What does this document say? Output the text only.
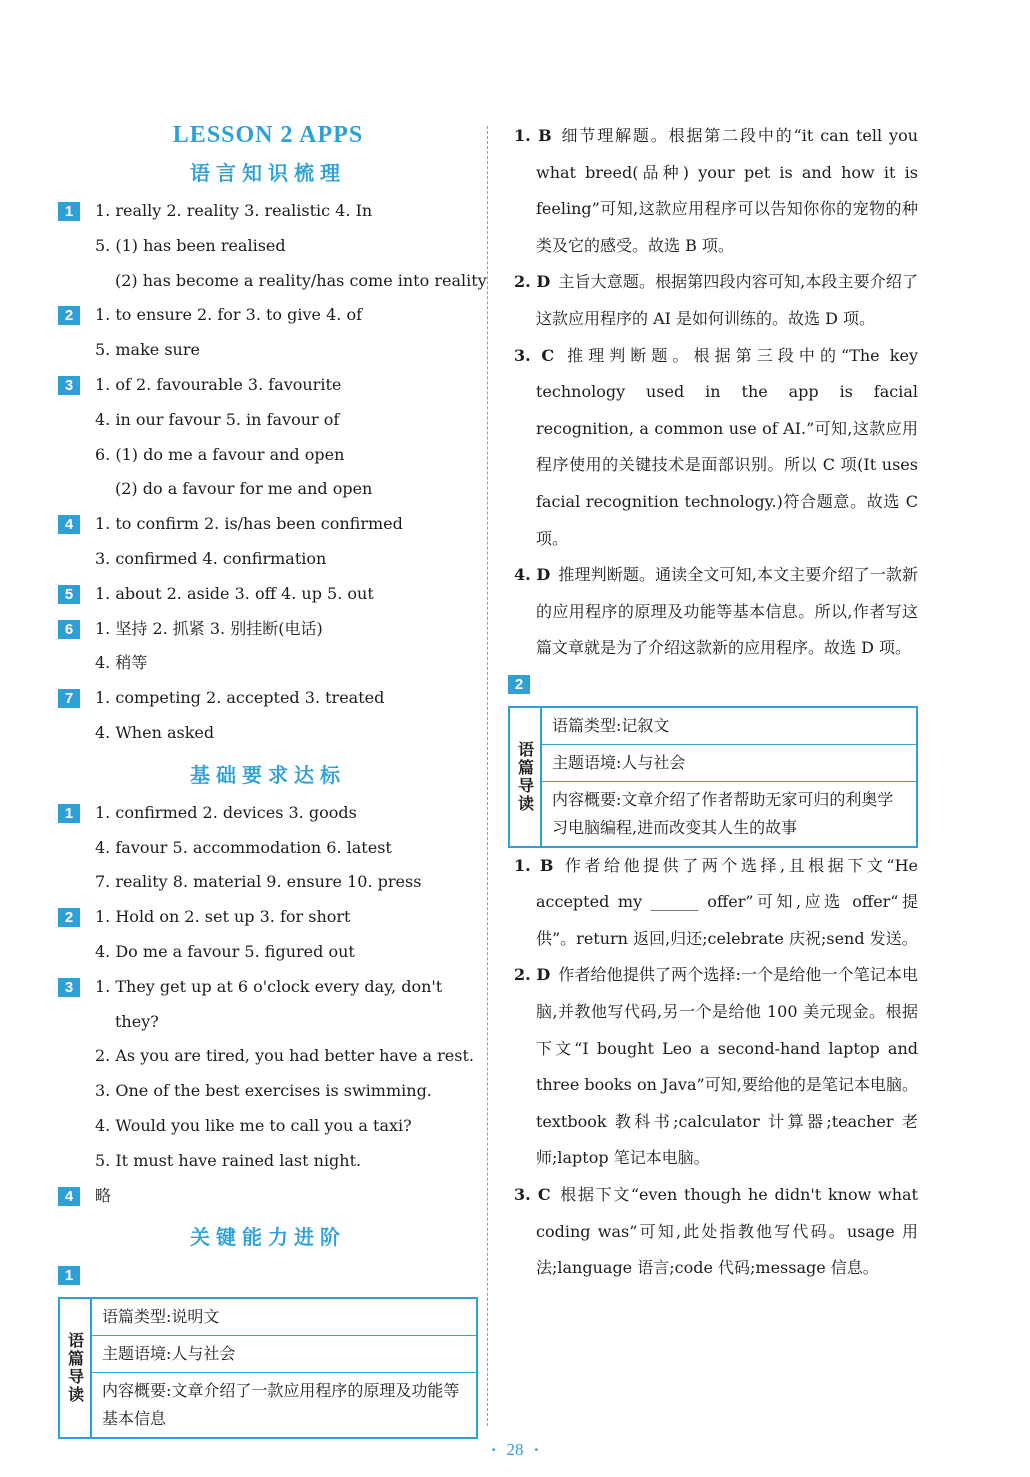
LESSON 2 APPS
语言知识梳理
1	1. really 2. reality 3. realistic 4. In
5. (1) has been realised
(2) has become a reality/has come into reality
2	1. to ensure 2. for 3. to give 4. of
5. make sure
3	1. of 2. favourable 3. favourite
4. in our favour 5. in favour of
6. (1) do me a favour and open
(2) do a favour for me and open
4	1. to confirm 2. is/has been confirmed
3. confirmed 4. confirmation
5	1. about 2. aside 3. off 4. up 5. out
6	1. 坚持 2. 抓紧 3. 别挂断(电话)
4. 稍等
7	1. competing 2. accepted 3. treated
4. When asked
基础要求达标
1	1. confirmed 2. devices 3. goods
4. favour 5. accommodation 6. latest
7. reality 8. material 9. ensure 10. press
2	1. Hold on 2. set up 3. for short
4. Do me a favour 5. figured out
3	1. They get up at 6 o'clock every day, don't
they?
2. As you are tired, you had better have a rest.
3. One of the best exercises is swimming.
4. Would you like me to call you a taxi?
5. It must have rained last night.
4	略
关键能力进阶
1
语篇导读
语篇类型:说明文
主题语境:人与社会
内容概要:文章介绍了一款应用程序的原理及功能等基本信息
1. B 细节理解题。根据第二段中的“it can tell you what breed(品种) your pet is and how it is feeling”可知,这款应用程序可以告知你你的宠物的种类及它的感受。故选 B 项。
2. D 主旨大意题。根据第四段内容可知,本段主要介绍了这款应用程序的 AI 是如何训练的。故选 D 项。
3. C 推理判断题。根据第三段中的“The key technology used in the app is facial recognition, a common use of AI.”可知,这款应用程序使用的关键技术是面部识别。所以 C 项(It uses facial recognition technology.)符合题意。故选 C 项。
4. D 推理判断题。通读全文可知,本文主要介绍了一款新的应用程序的原理及功能等基本信息。所以,作者写这篇文章就是为了介绍这款新的应用程序。故选 D 项。
2
语篇导读
语篇类型:记叙文
主题语境:人与社会
内容概要:文章介绍了作者帮助无家可归的利奥学习电脑编程,进而改变其人生的故事
1. B 作者给他提供了两个选择,且根据下文“He accepted my ______ offer”可知,应选 offer“提供”。return 返回,归还;celebrate 庆祝;send 发送。
2. D 作者给他提供了两个选择:一个是给他一个笔记本电脑,并教他写代码,另一个是给他 100 美元现金。根据下文“I bought Leo a second-hand laptop and three books on Java”可知,要给他的是笔记本电脑。textbook 教科书;calculator 计算器;teacher 老师;laptop 笔记本电脑。
3. C 根据下文“even though he didn't know what coding was”可知,此处指教他写代码。usage 用法;language 语言;code 代码;message 信息。
· 28 ·
